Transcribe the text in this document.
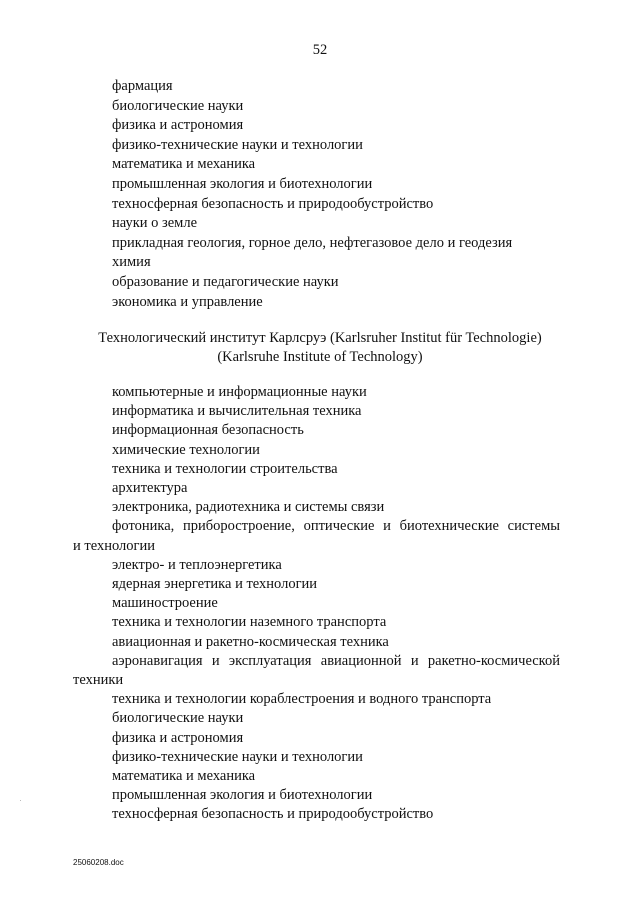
52
фармация
биологические науки
физика и астрономия
физико-технические науки и технологии
математика и механика
промышленная экология и биотехнологии
техносферная безопасность и природообустройство
науки о земле
прикладная геология, горное дело, нефтегазовое дело и геодезия
химия
образование и педагогические науки
экономика и управление
Технологический институт Карлсруэ (Karlsruher Institut für Technologie)
(Karlsruhe Institute of Technology)
компьютерные и информационные науки
информатика и вычислительная техника
информационная безопасность
химические технологии
техника и технологии строительства
архитектура
электроника, радиотехника и системы связи
фотоника, приборостроение, оптические и биотехнические системы
и технологии
электро- и теплоэнергетика
ядерная энергетика и технологии
машиностроение
техника и технологии наземного транспорта
авиационная и ракетно-космическая техника
аэронавигация и эксплуатация авиационной и ракетно-космической
техники
техника и технологии кораблестроения и водного транспорта
биологические науки
физика и астрономия
физико-технические науки и технологии
математика и механика
промышленная экология и биотехнологии
техносферная безопасность и природообустройство
25060208.doc
